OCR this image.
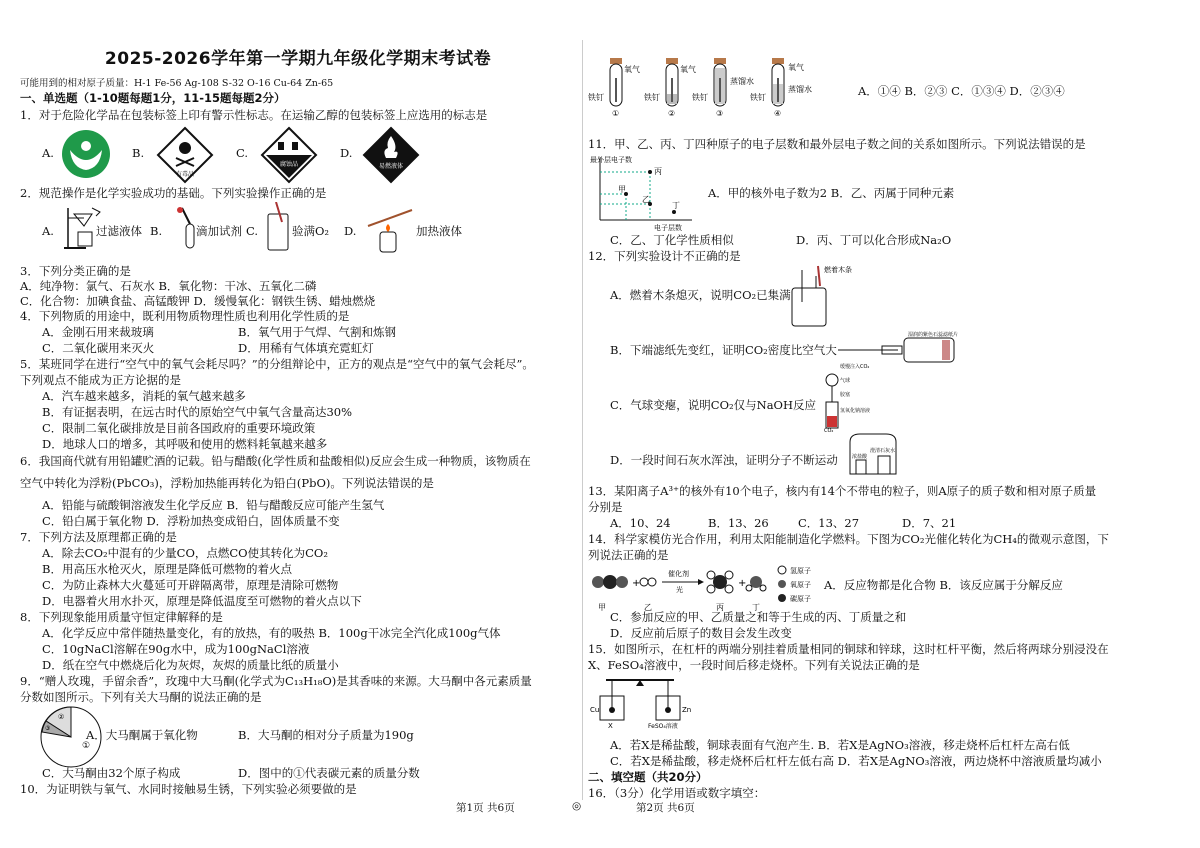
2025-2026学年第一学期九年级化学期末考试卷
可能用到的相对原子质量：H-1 Fe-56 Ag-108 S-32 O-16 Cu-64 Zn-65
一、单选题（1-10题每题1分，11-15题每题2分）
1．对于危险化学品在包装标签上印有警示性标志。在运输乙醇的包装标签上应选用的标志是
A.	B.
有毒品
C.
腐蚀品
D.
易燃液体
2．规范操作是化学实验成功的基础。下列实验操作正确的是
A.	过滤液体 B.	滴加试剂 C.	验满O₂ D.	加热液体
3．下列分类正确的是
A．纯净物：氯气、石灰水 B．氧化物：干冰、五氧化二磷
C．化合物：加碘食盐、高锰酸钾 D．缓慢氧化：钢铁生锈、蜡烛燃烧
4．下列物质的用途中，既利用物质物理性质也利用化学性质的是
A．金刚石用来裁玻璃	B．氧气用于气焊、气割和炼钢
C．二氧化碳用来灭火	D．用稀有气体填充霓虹灯
5．某班同学在进行“空气中的氧气会耗尽吗？”的分组辩论中，正方的观点是“空气中的氧气会耗尽”。
下列观点不能成为正方论据的是
A．汽车越来越多，消耗的氧气越来越多
B．有证据表明，在远古时代的原始空气中氧气含量高达30%
C．限制二氧化碳排放是目前各国政府的重要环境政策
D．地球人口的增多，其呼吸和使用的燃料耗氧越来越多
6．我国商代就有用铅罐贮酒的记载。铅与醋酸(化学性质和盐酸相似)反应会生成一种物质，该物质在
空气中转化为浮粉(PbCO₃)，浮粉加热能再转化为铅白(PbO)。下列说法错误的是
A．铅能与硫酸铜溶液发生化学反应 B．铅与醋酸反应可能产生氢气
C．铅白属于氧化物 D．浮粉加热变成铅白，固体质量不变
7．下列方法及原理都正确的是
A．除去CO₂中混有的少量CO，点燃CO使其转化为CO₂
B．用高压水枪灭火，原理是降低可燃物的着火点
C．为防止森林大火蔓延可开辟隔离带，原理是清除可燃物
D．电器着火用水扑灭，原理是降低温度至可燃物的着火点以下
8．下列现象能用质量守恒定律解释的是
A．化学反应中常伴随热量变化，有的放热，有的吸热 B．100g干冰完全汽化成100g气体
C．10gNaCl溶解在90g水中，成为100gNaCl溶液
D．纸在空气中燃烧后化为灰烬，灰烬的质量比纸的质量小
9．“赠人玫瑰，手留余香”，玫瑰中大马酮(化学式为C₁₃H₁₈O)是其香味的来源。大马酮中各元素质量
分数如图所示。下列有关大马酮的说法正确的是
①
②
③	A．大马酮属于氧化物	B．大马酮的相对分子质量为190g
C．大马酮由32个原子构成	D．图中的①代表碳元素的质量分数
10．为证明铁与氧气、水同时接触易生锈，下列实验必须要做的是
第1页 共6页	◎
氧气
铁钉
①
氧气
铁钉
②
蒸馏水
铁钉
③
氧气
蒸馏水
铁钉
④
A．①④ B．②③ C．①③④ D．②③④
11．甲、乙、丙、丁四种原子的电子层数和最外层电子数之间的关系如图所示。下列说法错误的是
最外层电子数
电子层数
丙
甲
乙
丁
A．甲的核外电子数为2 B．乙、丙属于同种元素
C．乙、丁化学性质相似	D．丙、丁可以化合形成Na₂O
12．下列实验设计不正确的是
A．燃着木条熄灭，说明CO₂已集满
燃着木条
B．下端滤纸先变红，证明CO₂密度比空气大
缓慢注入CO₂
湿润的紫色石蕊滤纸片
C．气球变瘪，说明CO₂仅与NaOH反应
气球
胶塞
氢氧化钠溶液
CO₂
D．一段时间石灰水浑浊，证明分子不断运动	浓盐酸
澄清石灰水
13．某阳离子A³⁺的核外有10个电子，核内有14个不带电的粒子，则A原子的质子数和相对原子质量
分别是
A．10、24	B．13、26	C．13、27	D．7、21
14．科学家模仿光合作用，利用太阳能制造化学燃料。下图为CO₂光催化转化为CH₄的微观示意图，下
列说法正确的是
+
催化剂
光
+
甲	乙	丙	丁
氢原子
氧原子
碳原子
A．反应物都是化合物 B．该反应属于分解反应
C．参加反应的甲、乙质量之和等于生成的丙、丁质量之和
D．反应前后原子的数目会发生改变
15．如图所示，在杠杆的两端分别挂着质量相同的铜球和锌球，这时杠杆平衡，然后将两球分别浸没在
X、FeSO₄溶液中，一段时间后移走烧杯。下列有关说法正确的是
Cu	Zn
X	FeSO₄溶液
A．若X是稀盐酸，铜球表面有气泡产生. B．若X是AgNO₃溶液，移走烧杯后杠杆左高右低
C．若X是稀盐酸，移走烧杯后杠杆左低右高 D．若X是AgNO₃溶液，两边烧杯中溶液质量均减小
二、填空题（共20分）
16．（3分）化学用语或数字填空：
第2页 共6页
